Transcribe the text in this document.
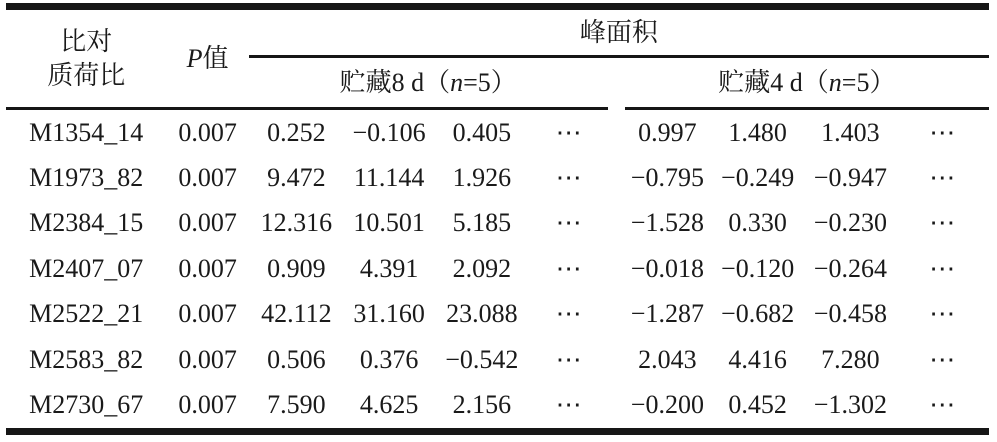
比对
质荷比	P值	峰面积								
		贮藏8 d（n=5）					贮藏4 d（n=5）			
M1354_14	0.007	0.252	−0.106	0.405	⋯		0.997	1.480	1.403	⋯
M1973_82	0.007	9.472	11.144	1.926	⋯		−0.795	−0.249	−0.947	⋯
M2384_15	0.007	12.316	10.501	5.185	⋯		−1.528	0.330	−0.230	⋯
M2407_07	0.007	0.909	4.391	2.092	⋯		−0.018	−0.120	−0.264	⋯
M2522_21	0.007	42.112	31.160	23.088	⋯		−1.287	−0.682	−0.458	⋯
M2583_82	0.007	0.506	0.376	−0.542	⋯		2.043	4.416	7.280	⋯
M2730_67	0.007	7.590	4.625	2.156	⋯		−0.200	0.452	−1.302	⋯
